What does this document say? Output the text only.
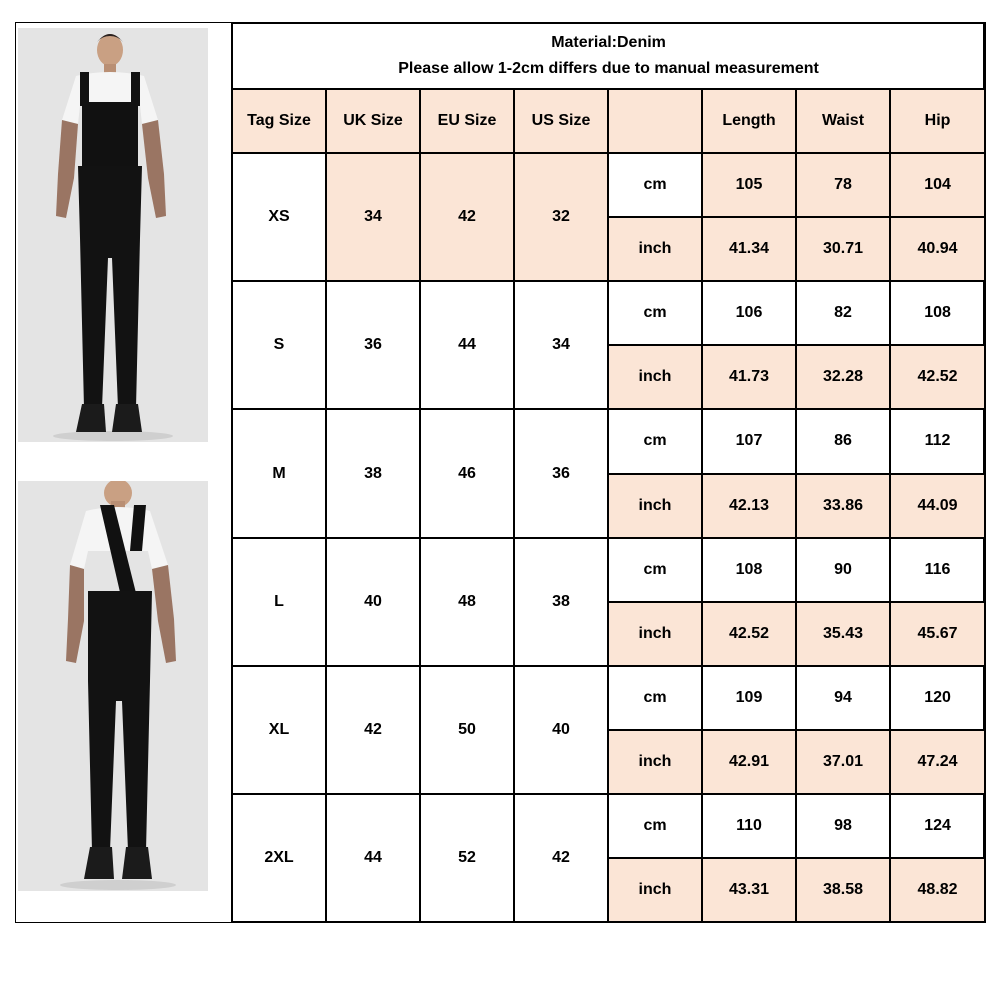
Material:Denim
Please allow 1-2cm differs due to manual measurement							

Tag Size	UK Size	EU Size	US Size		Length	Waist	Hip
XS	34	42	32	cm	105	78	104
				inch	41.34	30.71	40.94
S	36	44	34	cm	106	82	108
				inch	41.73	32.28	42.52
M	38	46	36	cm	107	86	112
				inch	42.13	33.86	44.09
L	40	48	38	cm	108	90	116
				inch	42.52	35.43	45.67
XL	42	50	40	cm	109	94	120
				inch	42.91	37.01	47.24
2XL	44	52	42	cm	110	98	124
				inch	43.31	38.58	48.82
